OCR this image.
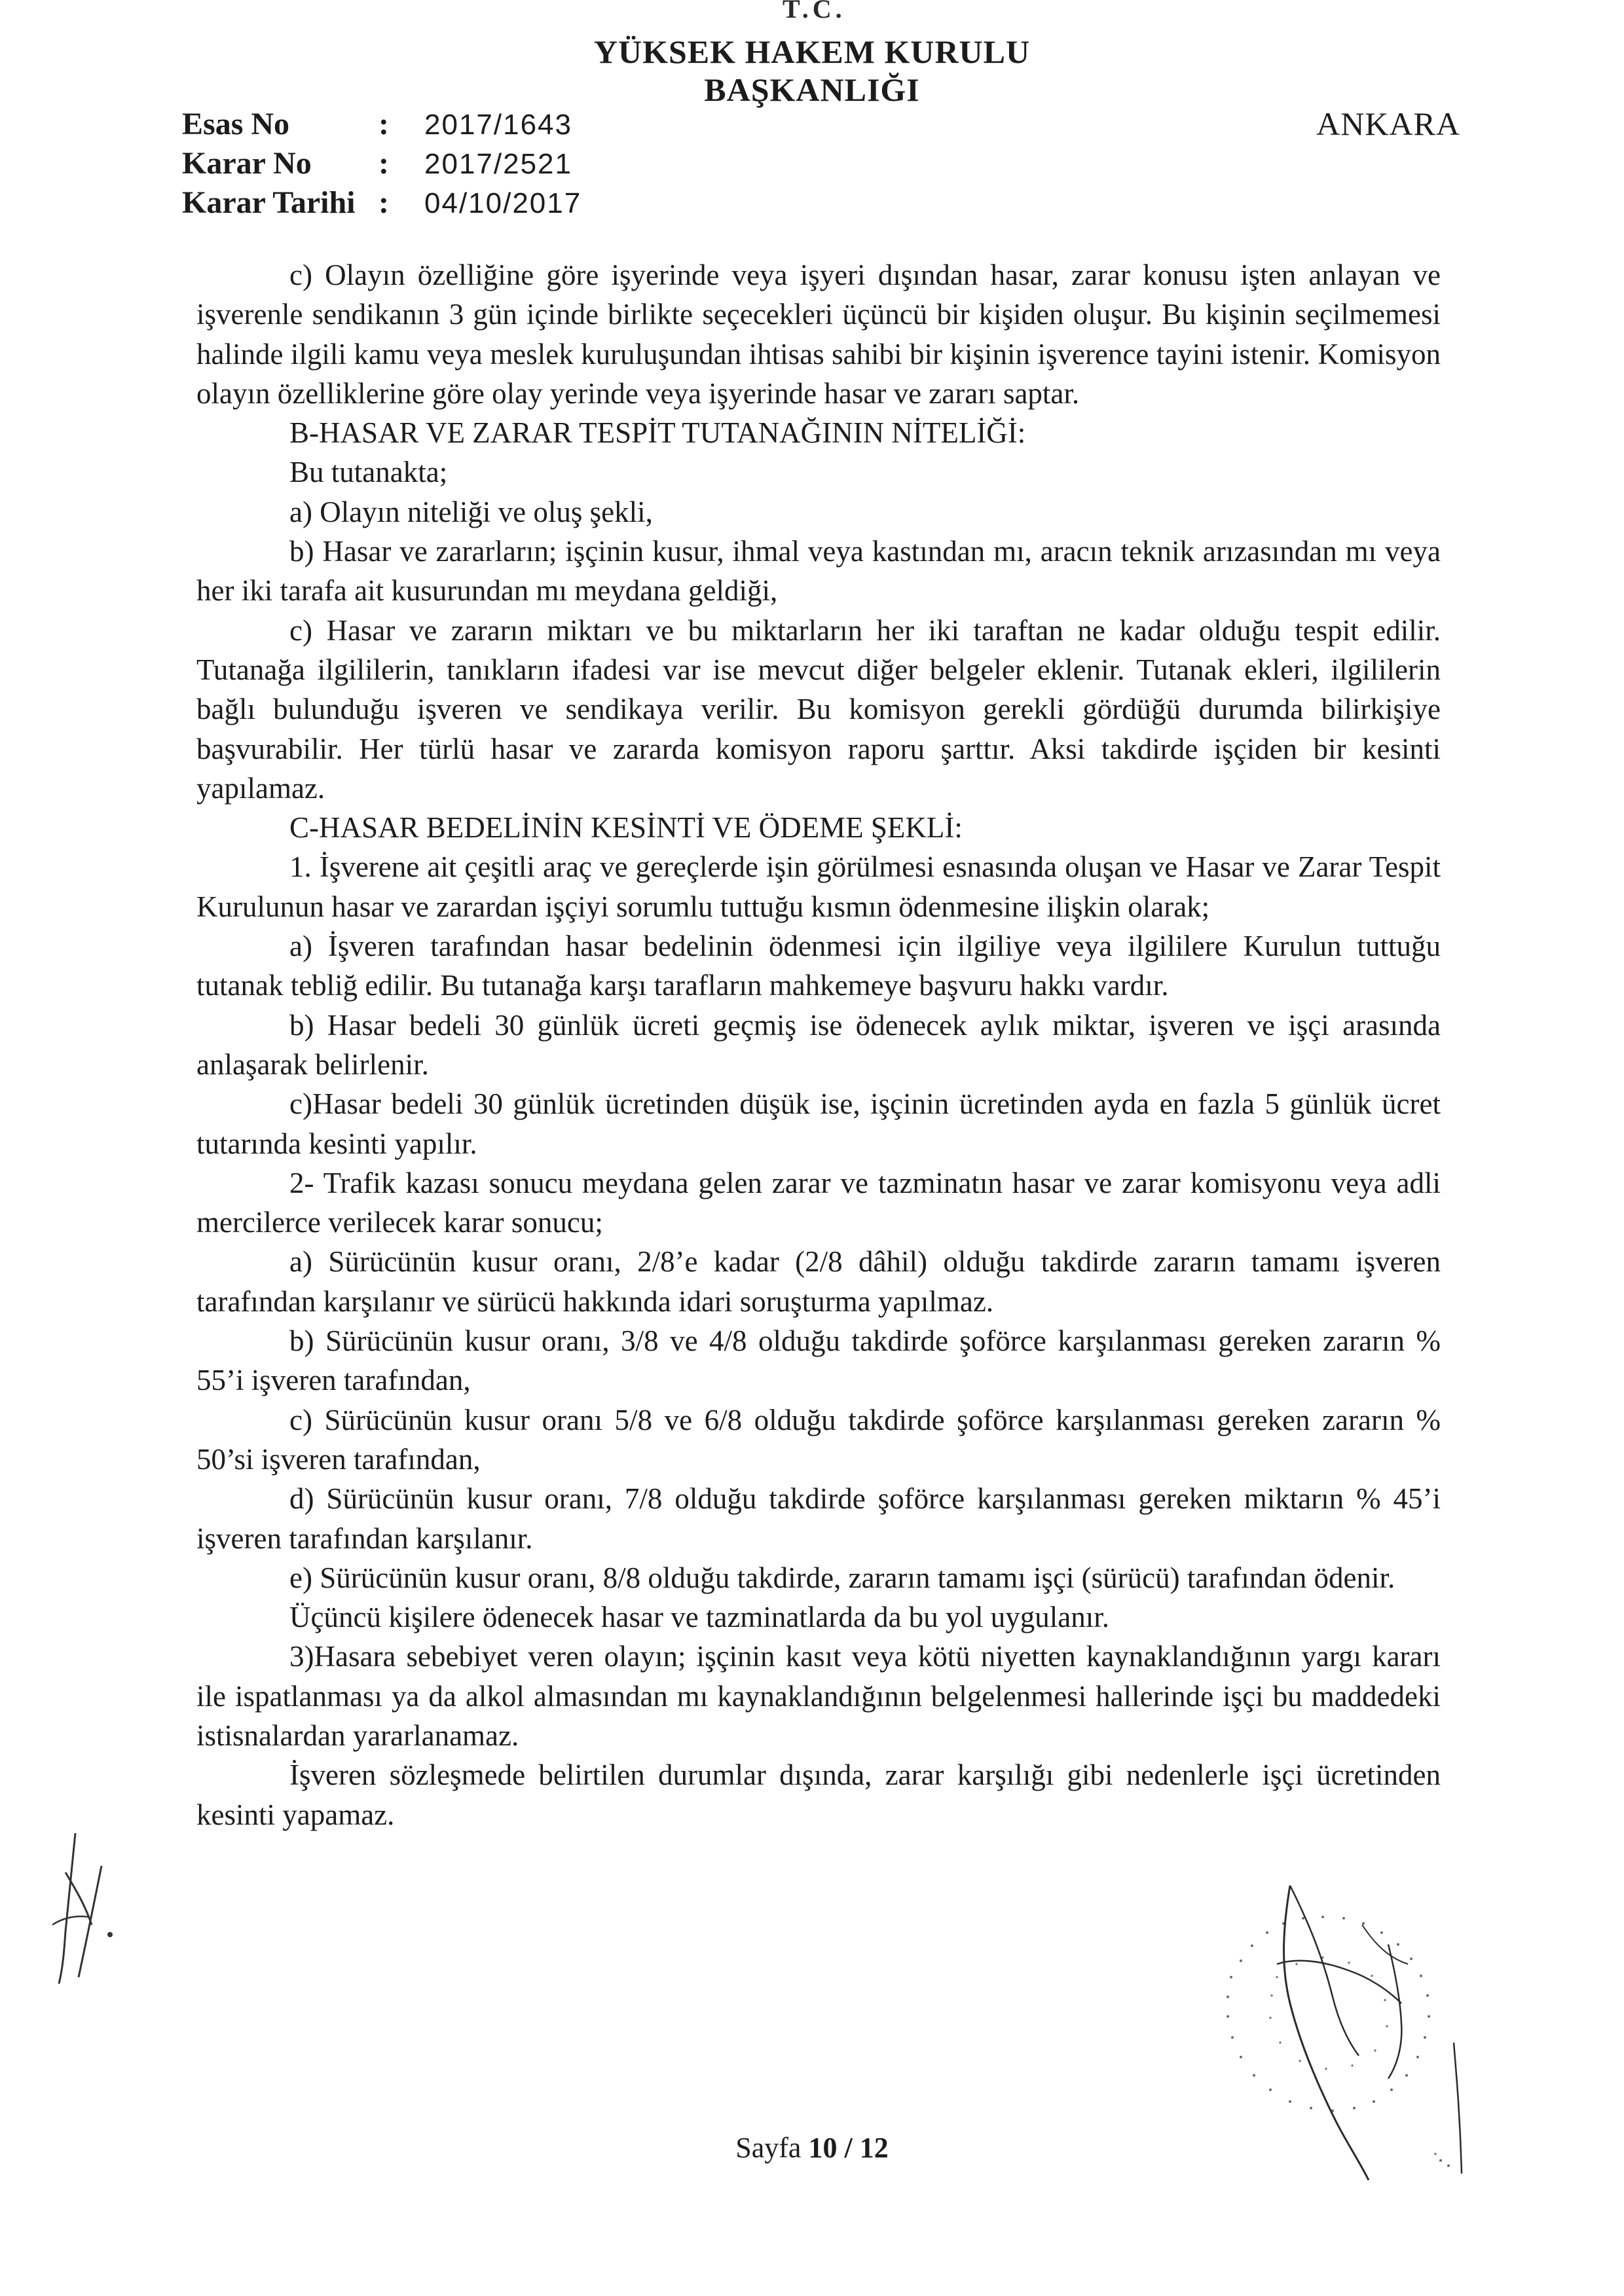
T.C.
YÜKSEK HAKEM KURULU
BAŞKANLIĞI
ANKARA
Esas No	:	2017/1643
Karar No	:	2017/2521
Karar Tarihi :	04/10/2017

c) Olayın özelliğine göre işyerinde veya işyeri dışından hasar, zarar konusu işten anlayan ve işverenle sendikanın 3 gün içinde birlikte seçecekleri üçüncü bir kişiden oluşur. Bu kişinin seçilmemesi halinde ilgili kamu veya meslek kuruluşundan ihtisas sahibi bir kişinin işverence tayini istenir. Komisyon olayın özelliklerine göre olay yerinde veya işyerinde hasar ve zararı saptar.

B-HASAR VE ZARAR TESPİT TUTANAĞININ NİTELİĞİ:

Bu tutanakta;

a) Olayın niteliği ve oluş şekli,

b) Hasar ve zararların; işçinin kusur, ihmal veya kastından mı, aracın teknik arızasından mı veya her iki tarafa ait kusurundan mı meydana geldiği,

c) Hasar ve zararın miktarı ve bu miktarların her iki taraftan ne kadar olduğu tespit edilir. Tutanağa ilgililerin, tanıkların ifadesi var ise mevcut diğer belgeler eklenir. Tutanak ekleri, ilgililerin bağlı bulunduğu işveren ve sendikaya verilir. Bu komisyon gerekli gördüğü durumda bilirkişiye başvurabilir. Her türlü hasar ve zararda komisyon raporu şarttır. Aksi takdirde işçiden bir kesinti yapılamaz.

C-HASAR BEDELİNİN KESİNTİ VE ÖDEME ŞEKLİ:

1. İşverene ait çeşitli araç ve gereçlerde işin görülmesi esnasında oluşan ve Hasar ve Zarar Tespit Kurulunun hasar ve zarardan işçiyi sorumlu tuttuğu kısmın ödenmesine ilişkin olarak;

a) İşveren tarafından hasar bedelinin ödenmesi için ilgiliye veya ilgililere Kurulun tuttuğu tutanak tebliğ edilir. Bu tutanağa karşı tarafların mahkemeye başvuru hakkı vardır.

b) Hasar bedeli 30 günlük ücreti geçmiş ise ödenecek aylık miktar, işveren ve işçi arasında anlaşarak belirlenir.

c)Hasar bedeli 30 günlük ücretinden düşük ise, işçinin ücretinden ayda en fazla 5 günlük ücret tutarında kesinti yapılır.

2- Trafik kazası sonucu meydana gelen zarar ve tazminatın hasar ve zarar komisyonu veya adli mercilerce verilecek karar sonucu;

a) Sürücünün kusur oranı, 2/8’e kadar (2/8 dâhil) olduğu takdirde zararın tamamı işveren tarafından karşılanır ve sürücü hakkında idari soruşturma yapılmaz.

b) Sürücünün kusur oranı, 3/8 ve 4/8 olduğu takdirde şoförce karşılanması gereken zararın % 55’i işveren tarafından,

c) Sürücünün kusur oranı 5/8 ve 6/8 olduğu takdirde şoförce karşılanması gereken zararın % 50’si işveren tarafından,

d) Sürücünün kusur oranı, 7/8 olduğu takdirde şoförce karşılanması gereken miktarın % 45’i işveren tarafından karşılanır.

e) Sürücünün kusur oranı, 8/8 olduğu takdirde, zararın tamamı işçi (sürücü) tarafından ödenir.

Üçüncü kişilere ödenecek hasar ve tazminatlarda da bu yol uygulanır.

3)Hasara sebebiyet veren olayın; işçinin kasıt veya kötü niyetten kaynaklandığının yargı kararı ile ispatlanması ya da alkol almasından mı kaynaklandığının belgelenmesi hallerinde işçi bu maddedeki istisnalardan yararlanamaz.

İşveren sözleşmede belirtilen durumlar dışında, zarar karşılığı gibi nedenlerle işçi ücretinden kesinti yapamaz.

Sayfa 10 / 12
